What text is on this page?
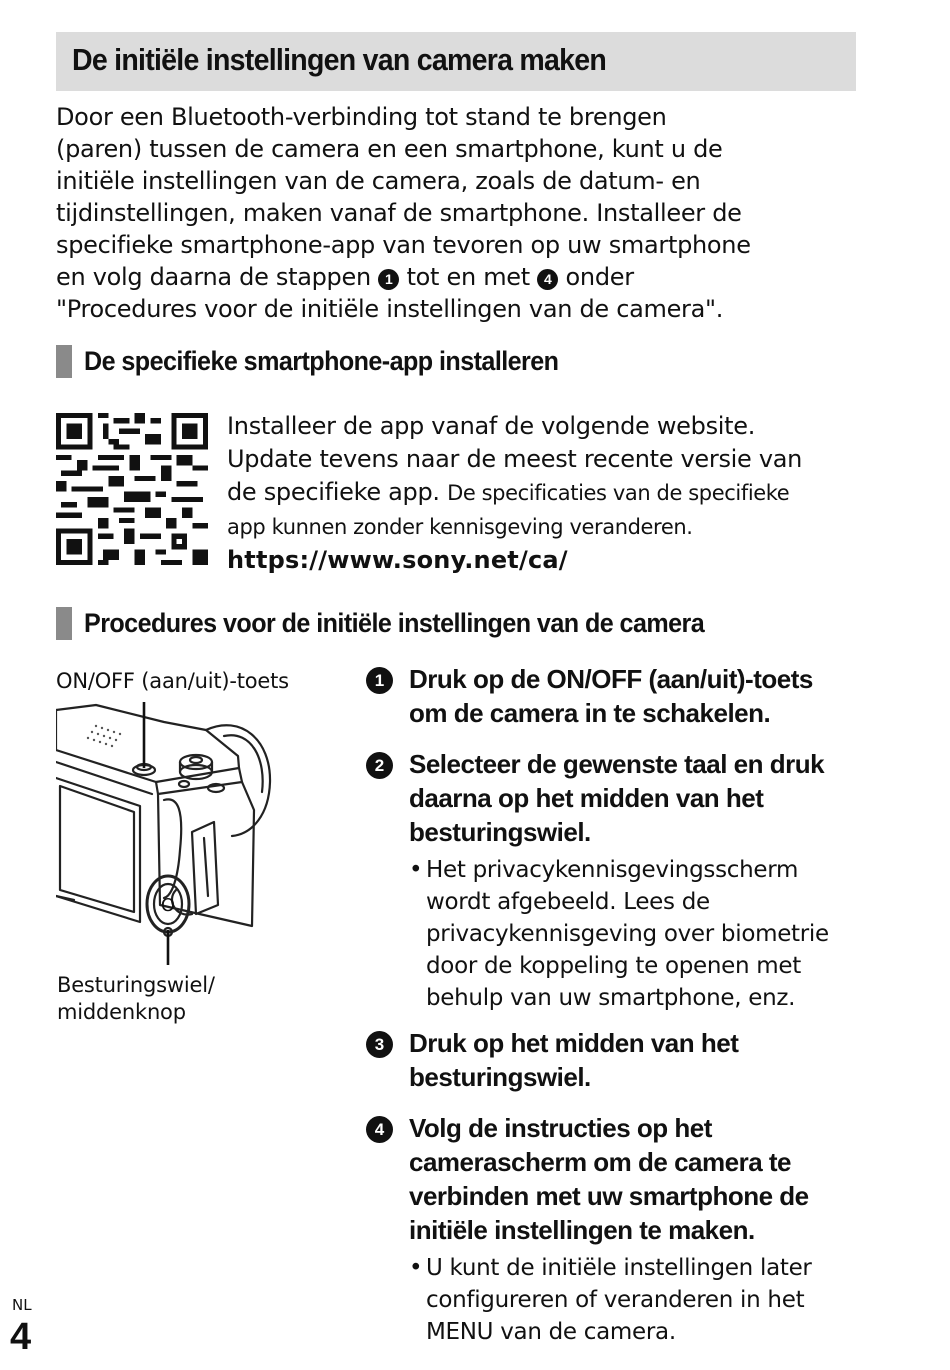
De initiële instellingen van camera maken

Door een Bluetooth-verbinding tot stand te brengen

(paren) tussen de camera en een smartphone, kunt u de

initiële instellingen van de camera, zoals de datum- en

tijdinstellingen, maken vanaf de smartphone. Installeer de

specifieke smartphone-app van tevoren op uw smartphone

en volg daarna de stappen 1 tot en met 4 onder

"Procedures voor de initiële instellingen van de camera".

De specifieke smartphone-app installeren
Installeer de app vanaf de volgende website.
Update tevens naar de meest recente versie van
de specifieke app. De specificaties van de specifieke
app kunnen zonder kennisgeving veranderen.
https://www.sony.net/ca/
Procedures voor de initiële instellingen van de camera
ON/OFF (aan/uit)-toets
O
Besturingswiel/
middenknop
1 Druk op de ON/OFF (aan/uit)-toets
om de camera in te schakelen.

2 Selecteer de gewenste taal en druk
daarna op het midden van het
besturingswiel.

• Het privacykennisgevingsscherm
wordt afgebeeld. Lees de
privacykennisgeving over biometrie
door de koppeling te openen met
behulp van uw smartphone, enz.
3 Druk op het midden van het
besturingswiel.

4 Volg de instructies op het
camerascherm om de camera te
verbinden met uw smartphone de
initiële instellingen te maken.

• U kunt de initiële instellingen later
configureren of veranderen in het
MENU van de camera.
NL
4
